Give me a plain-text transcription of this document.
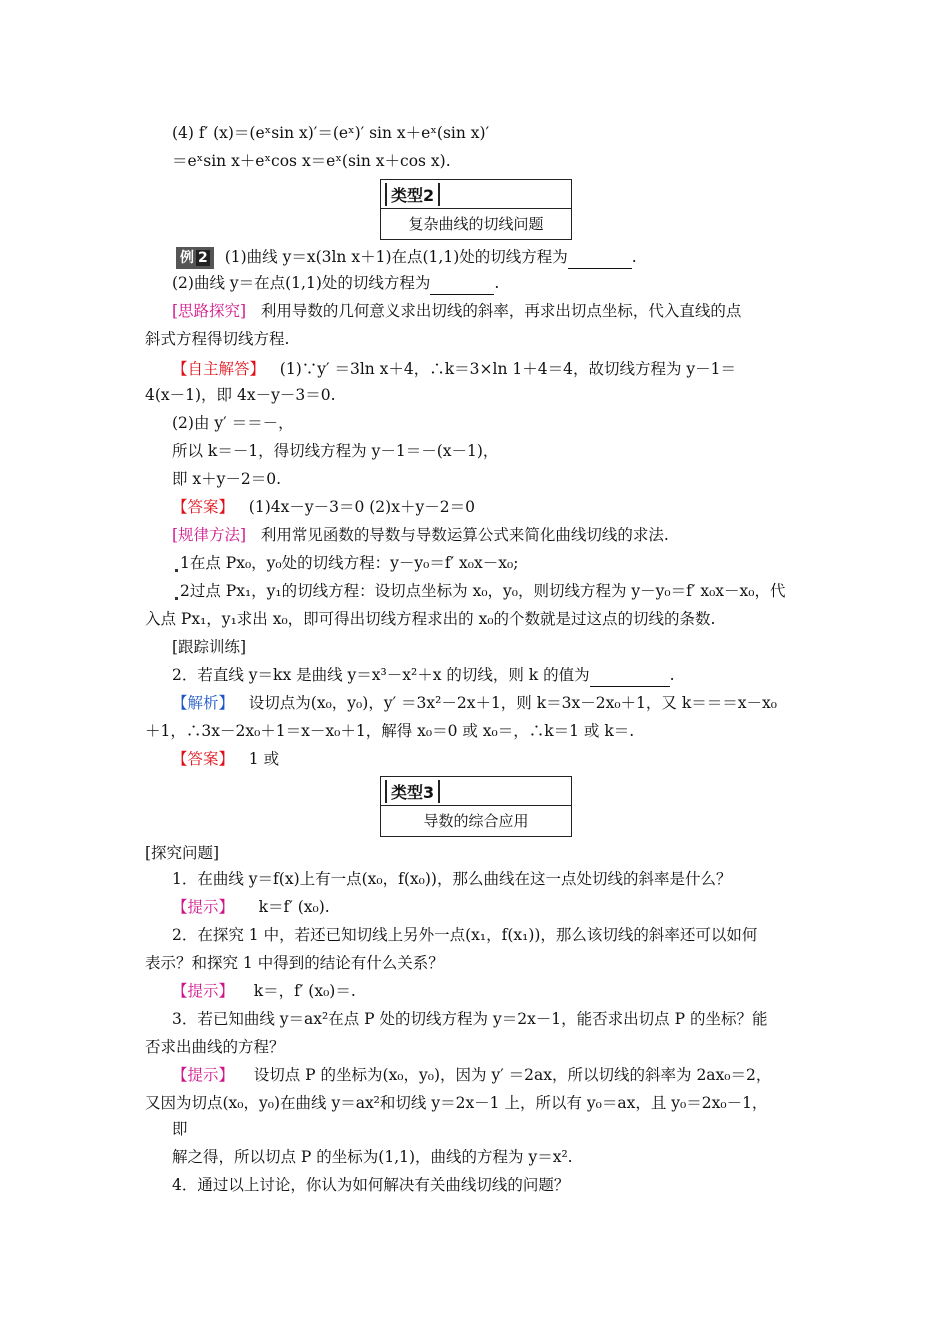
(4) f′ (x)＝(eˣsin x)′＝(eˣ)′ sin x＋eˣ(sin x)′
＝eˣsin x＋eˣcos x＝eˣ(sin x＋cos x).
类型2
复杂曲线的切线问题
例 2 (1)曲线 y＝x(3ln x＋1)在点(1,1)处的切线方程为	.
(2)曲线 y＝在点(1,1)处的切线方程为	.
[思路探究] 利用导数的几何意义求出切线的斜率，再求出切点坐标，代入直线的点
斜式方程得切线方程.
【自主解答】 (1)∵y′ ＝3ln x＋4，∴k＝3×ln 1＋4＝4，故切线方程为 y－1＝
4(x－1)，即 4x－y－3＝0.
(2)由 y′ ＝＝－，
所以 k＝－1，得切线方程为 y－1＝－(x－1)，
即 x＋y－2＝0.
【答案】 (1)4x－y－3＝0 (2)x＋y－2＝0
[规律方法] 利用常见函数的导数与导数运算公式来简化曲线切线的求法.
1在点 Px₀，y₀处的切线方程：y－y₀＝f′ x₀x－x₀;
2过点 Px₁，y₁的切线方程：设切点坐标为 x₀，y₀，则切线方程为 y－y₀＝f′ x₀x－x₀，代
入点 Px₁，y₁求出 x₀，即可得出切线方程求出的 x₀的个数就是过这点的切线的条数.
[跟踪训练]
2．若直线 y＝kx 是曲线 y＝x³－x²＋x 的切线，则 k 的值为	.
【解析】 设切点为(x₀，y₀)，y′ ＝3x²－2x＋1，则 k＝3x－2x₀＋1，又 k＝＝＝x－x₀
＋1，∴3x－2x₀＋1＝x－x₀＋1，解得 x₀＝0 或 x₀＝，∴k＝1 或 k＝.
【答案】 1 或
类型3
导数的综合应用
[探究问题]
1．在曲线 y＝f(x)上有一点(x₀，f(x₀))，那么曲线在这一点处切线的斜率是什么？
【提示】 k＝f′ (x₀).
2．在探究 1 中，若还已知切线上另外一点(x₁，f(x₁))，那么该切线的斜率还可以如何
表示？和探究 1 中得到的结论有什么关系？
【提示】 k＝，f′ (x₀)＝.
3．若已知曲线 y＝ax²在点 P 处的切线方程为 y＝2x－1，能否求出切点 P 的坐标？能
否求出曲线的方程？
【提示】 设切点 P 的坐标为(x₀，y₀)，因为 y′ ＝2ax，所以切线的斜率为 2ax₀＝2，
又因为切点(x₀，y₀)在曲线 y＝ax²和切线 y＝2x－1 上，所以有 y₀＝ax，且 y₀＝2x₀－1，
即
解之得，所以切点 P 的坐标为(1,1)，曲线的方程为 y＝x².
4．通过以上讨论，你认为如何解决有关曲线切线的问题？
